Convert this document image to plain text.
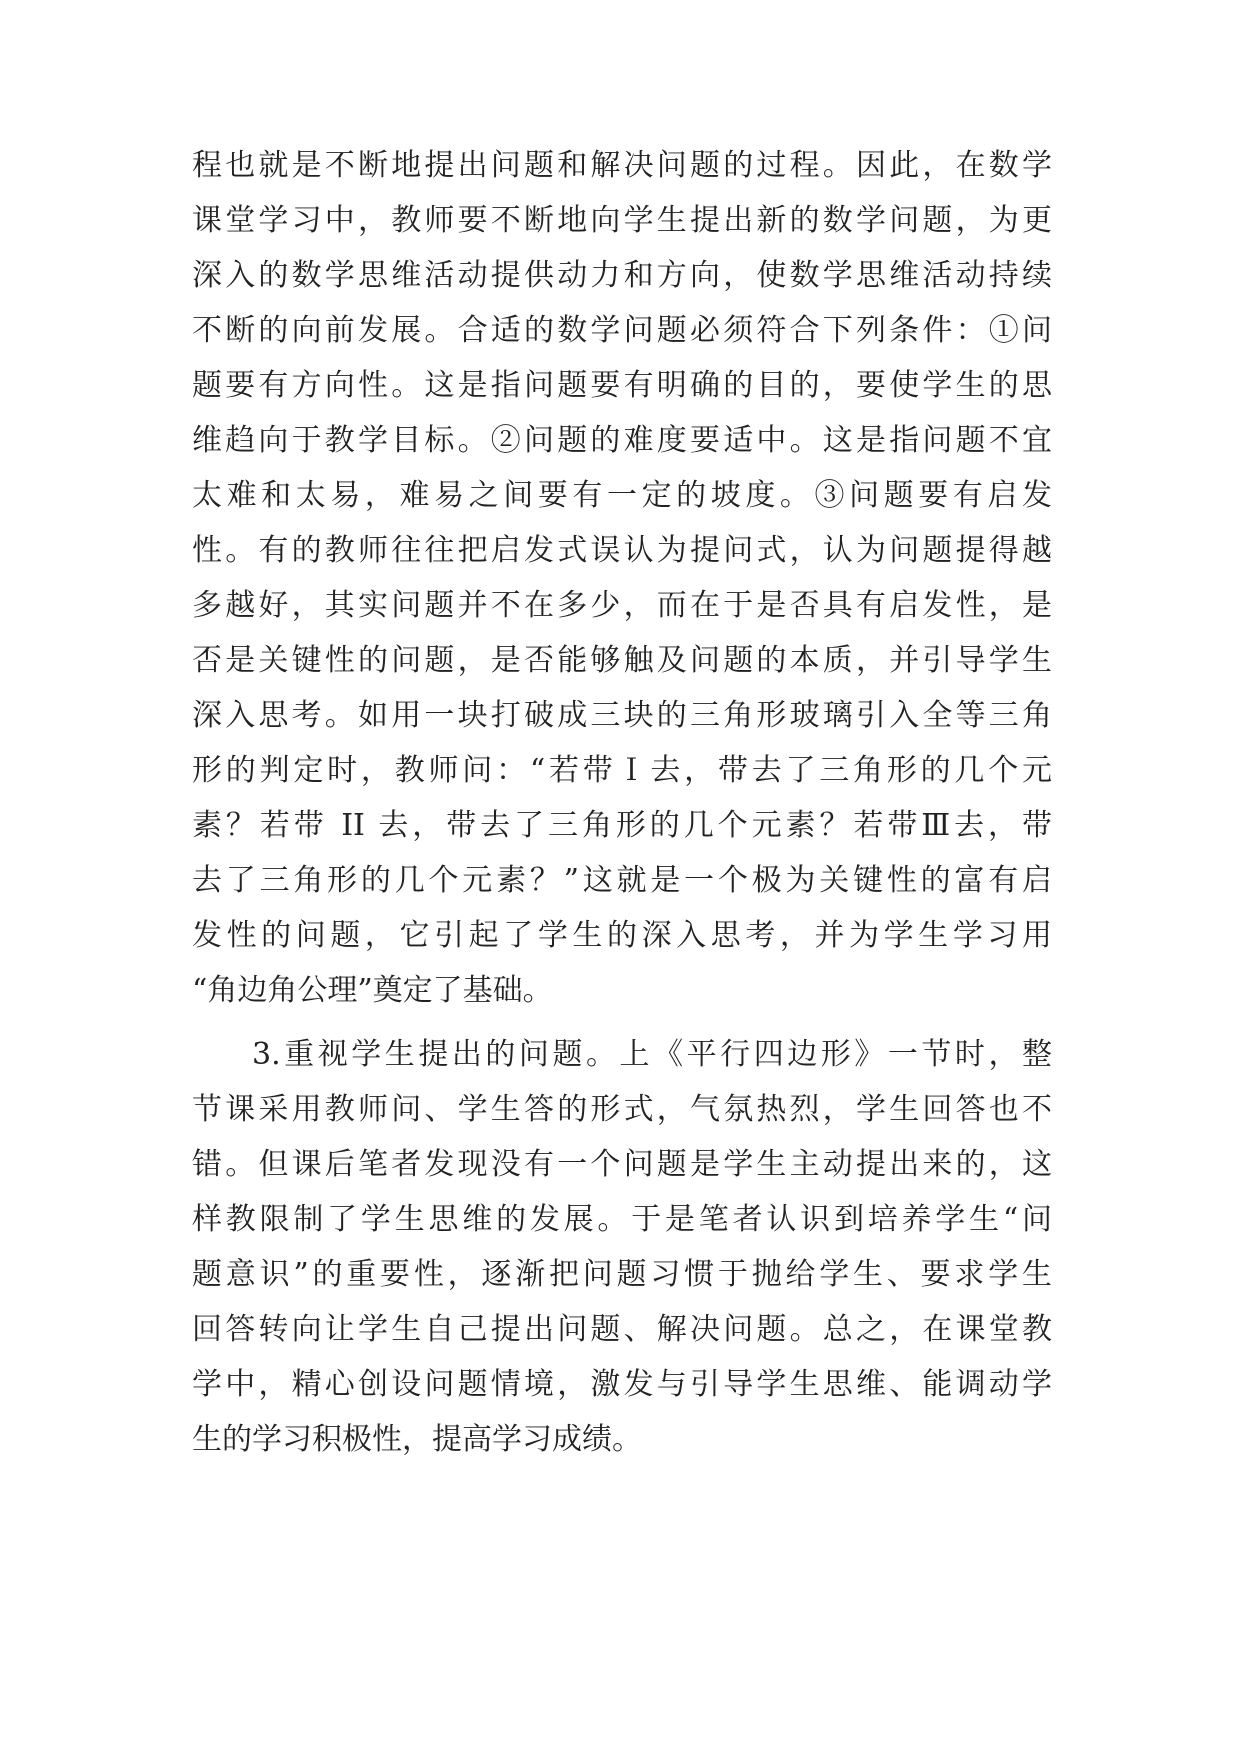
程也就是不断地提出问题和解决问题的过程。因此，在数学
课堂学习中，教师要不断地向学生提出新的数学问题，为更
深入的数学思维活动提供动力和方向，使数学思维活动持续
不断的向前发展。合适的数学问题必须符合下列条件：①问
题要有方向性。这是指问题要有明确的目的，要使学生的思
维趋向于教学目标。②问题的难度要适中。这是指问题不宜
太难和太易，难易之间要有一定的坡度。③问题要有启发
性。有的教师往往把启发式误认为提问式，认为问题提得越
多越好，其实问题并不在多少，而在于是否具有启发性，是
否是关键性的问题，是否能够触及问题的本质，并引导学生
深入思考。如用一块打破成三块的三角形玻璃引入全等三角
形的判定时，教师问：“若带Ｉ去，带去了三角形的几个元
素？若带 II 去，带去了三角形的几个元素？若带Ⅲ去，带
去了三角形的几个元素？”这就是一个极为关键性的富有启
发性的问题，它引起了学生的深入思考，并为学生学习用
“角边角公理”奠定了基础。
3.重视学生提出的问题。上《平行四边形》一节时，整
节课采用教师问、学生答的形式，气氛热烈，学生回答也不
错。但课后笔者发现没有一个问题是学生主动提出来的，这
样教限制了学生思维的发展。于是笔者认识到培养学生“问
题意识”的重要性，逐渐把问题习惯于抛给学生、要求学生
回答转向让学生自己提出问题、解决问题。总之，在课堂教
学中，精心创设问题情境，激发与引导学生思维、能调动学
生的学习积极性，提高学习成绩。
